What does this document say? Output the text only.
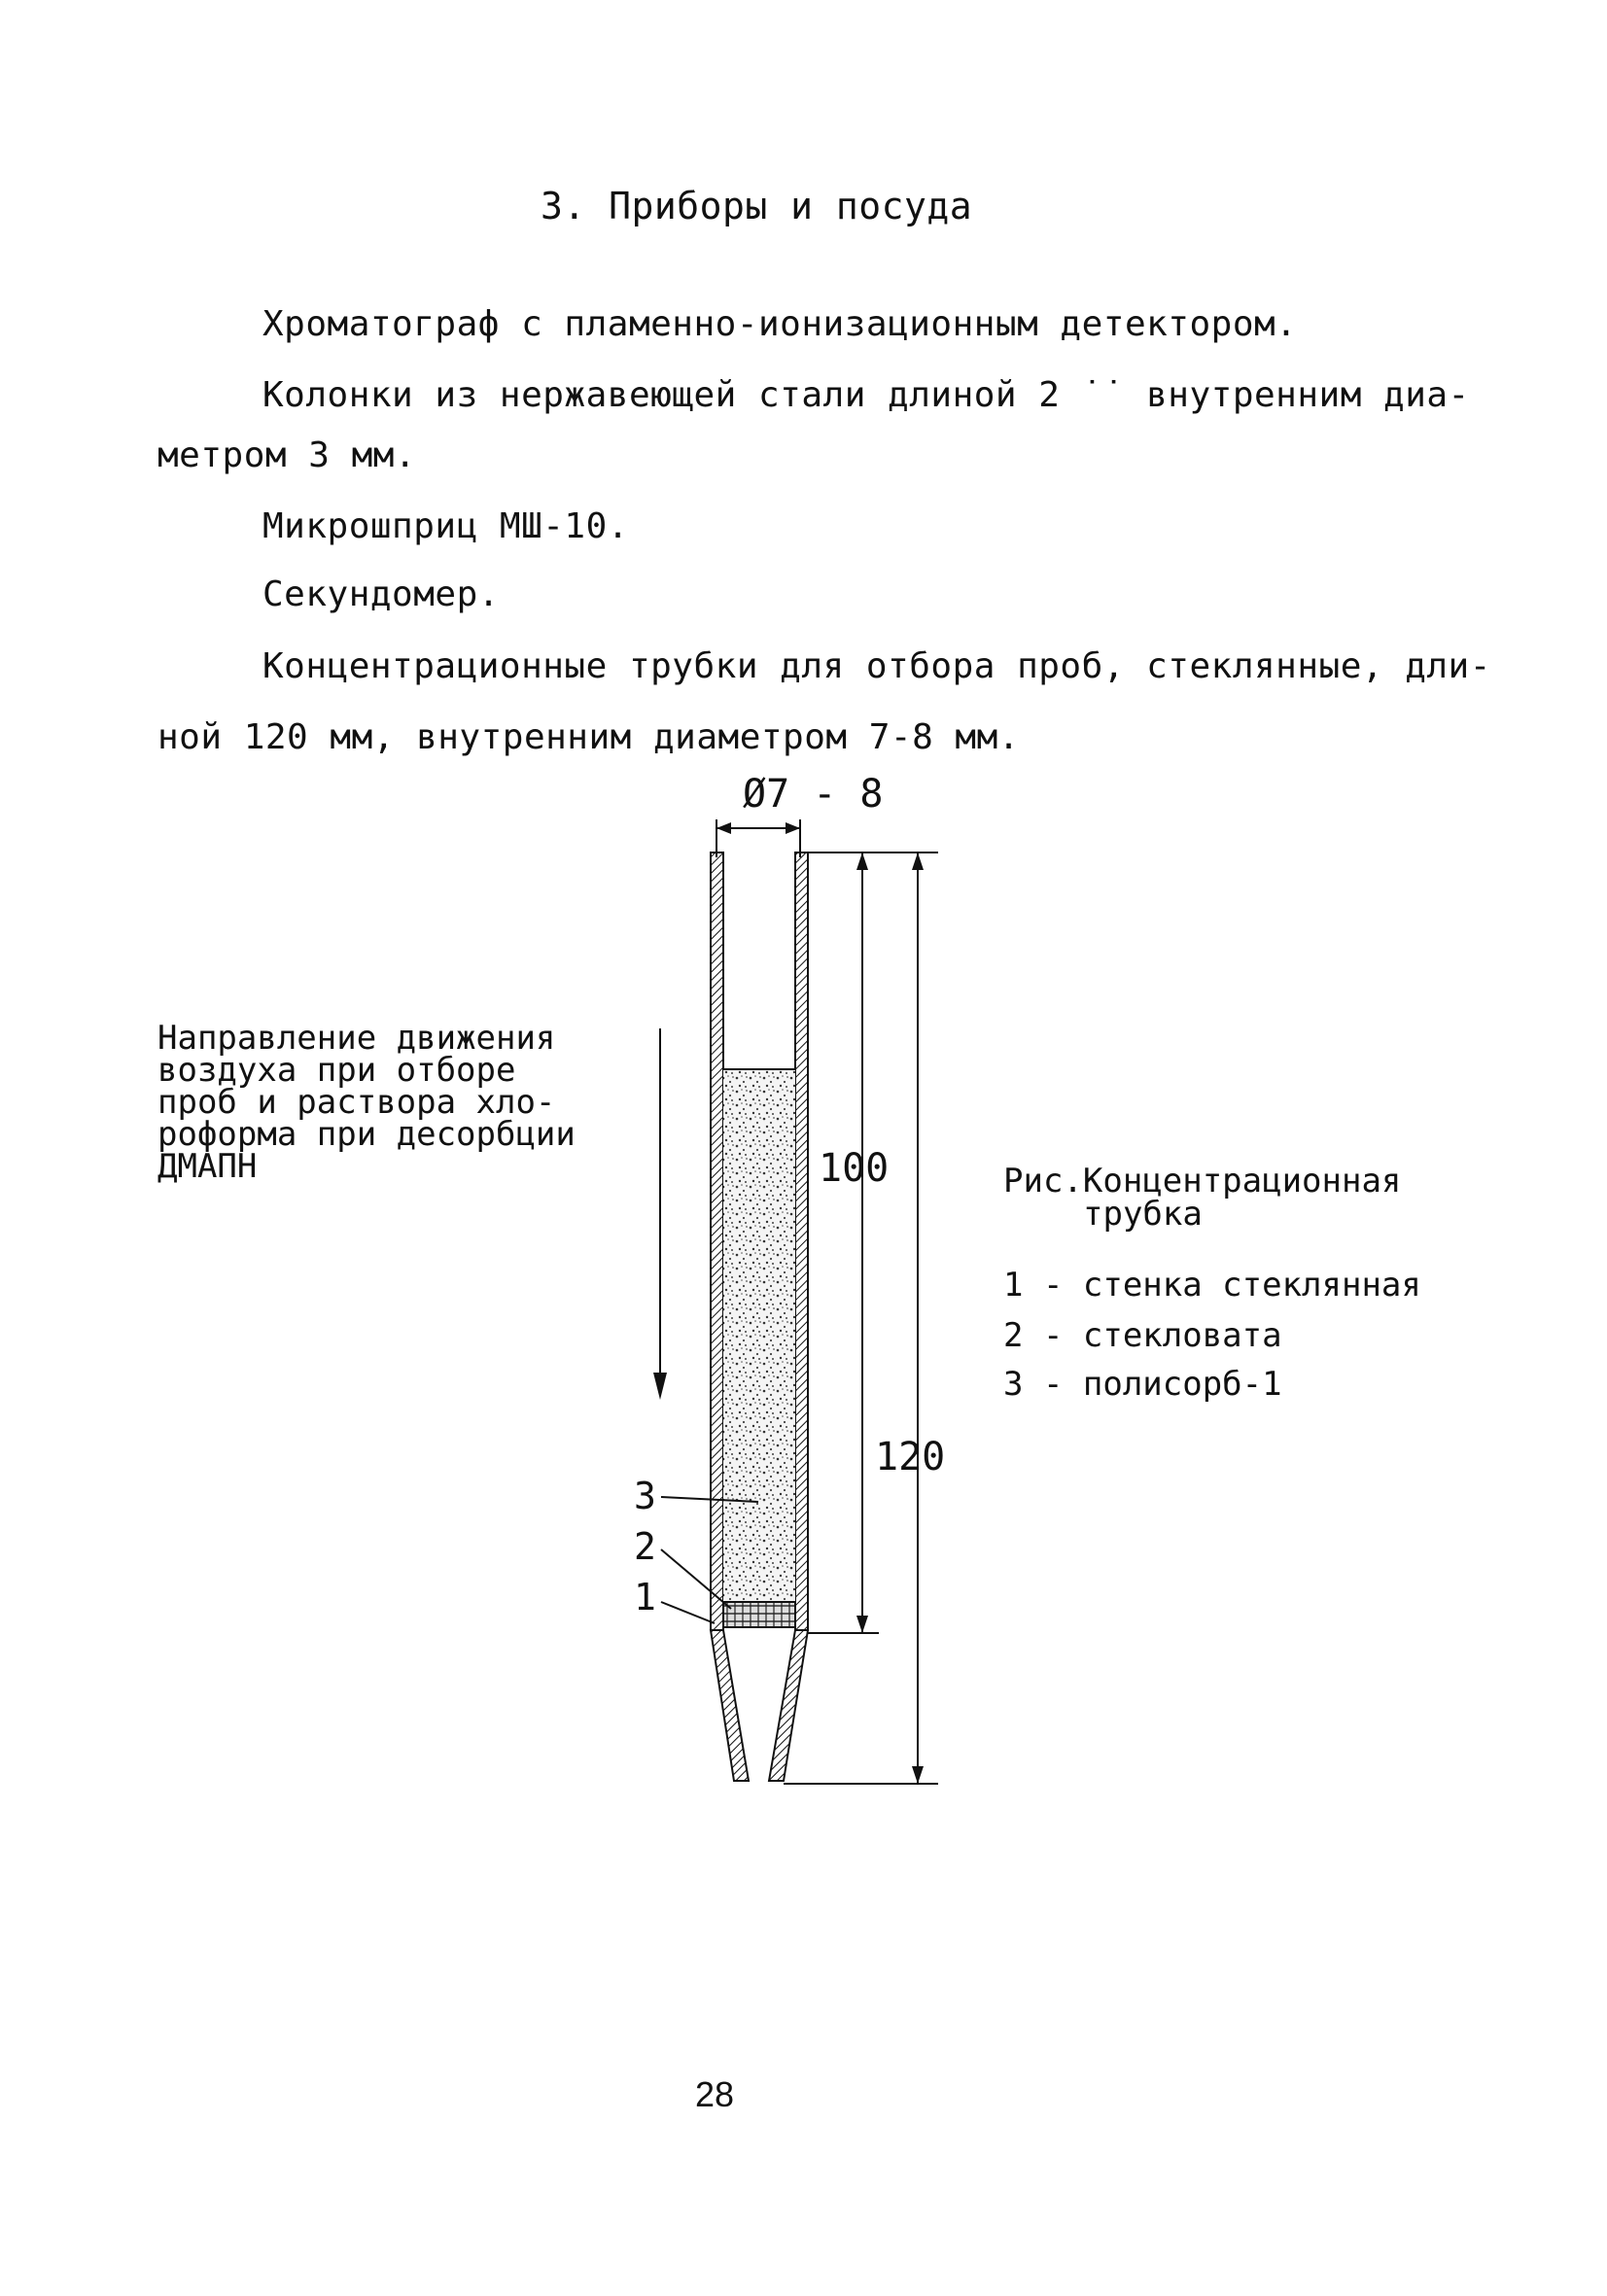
3. Приборы и посуда
Хроматограф с пламенно-ионизационным детектором.
Колонки из нержавеющей стали длиной 2 ˙˙ внутренним диа-
метром 3 мм.
Микрошприц МШ-10.
Секундомер.
Концентрационные трубки для отбора проб, стеклянные, дли-
ной 120 мм, внутренним диаметром 7-8 мм.
Направление движения
воздуха при отборе
проб и раствора хло-
роформа при десорбции
ДМАПН
Ø7 - 8
100
120
3
2
1
Рис.Концентрационная
трубка
1 - стенка стеклянная
2 - стекловата
3 - полисорб-1
28
